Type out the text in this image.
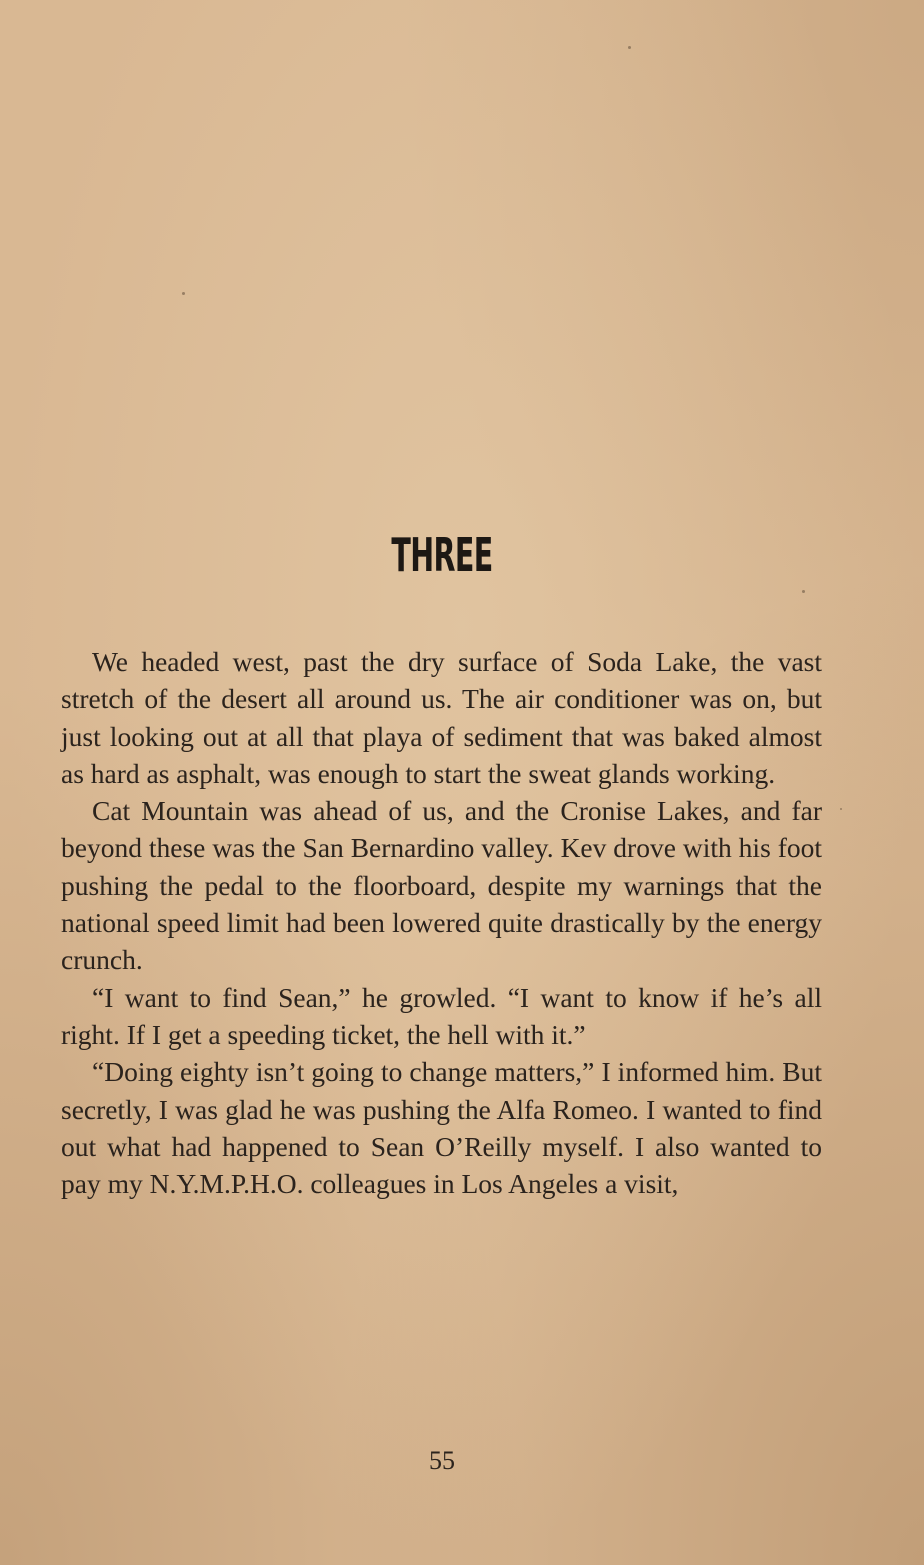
THREE

We headed west, past the dry surface of Soda Lake, the vast stretch of the desert all around us. The air conditioner was on, but just looking out at all that playa of sediment that was baked almost as hard as asphalt, was enough to start the sweat glands working.

Cat Mountain was ahead of us, and the Cronise Lakes, and far beyond these was the San Bernardino valley. Kev drove with his foot pushing the pedal to the floorboard, despite my warnings that the national speed limit had been lowered quite drastically by the energy crunch.

“I want to find Sean,” he growled. “I want to know if he’s all right. If I get a speeding ticket, the hell with it.”

“Doing eighty isn’t going to change matters,” I informed him. But secretly, I was glad he was pushing the Alfa Romeo. I wanted to find out what had happened to Sean O’Reilly myself. I also wanted to pay my N.Y.M.P.H.O. colleagues in Los Angeles a visit,

55
